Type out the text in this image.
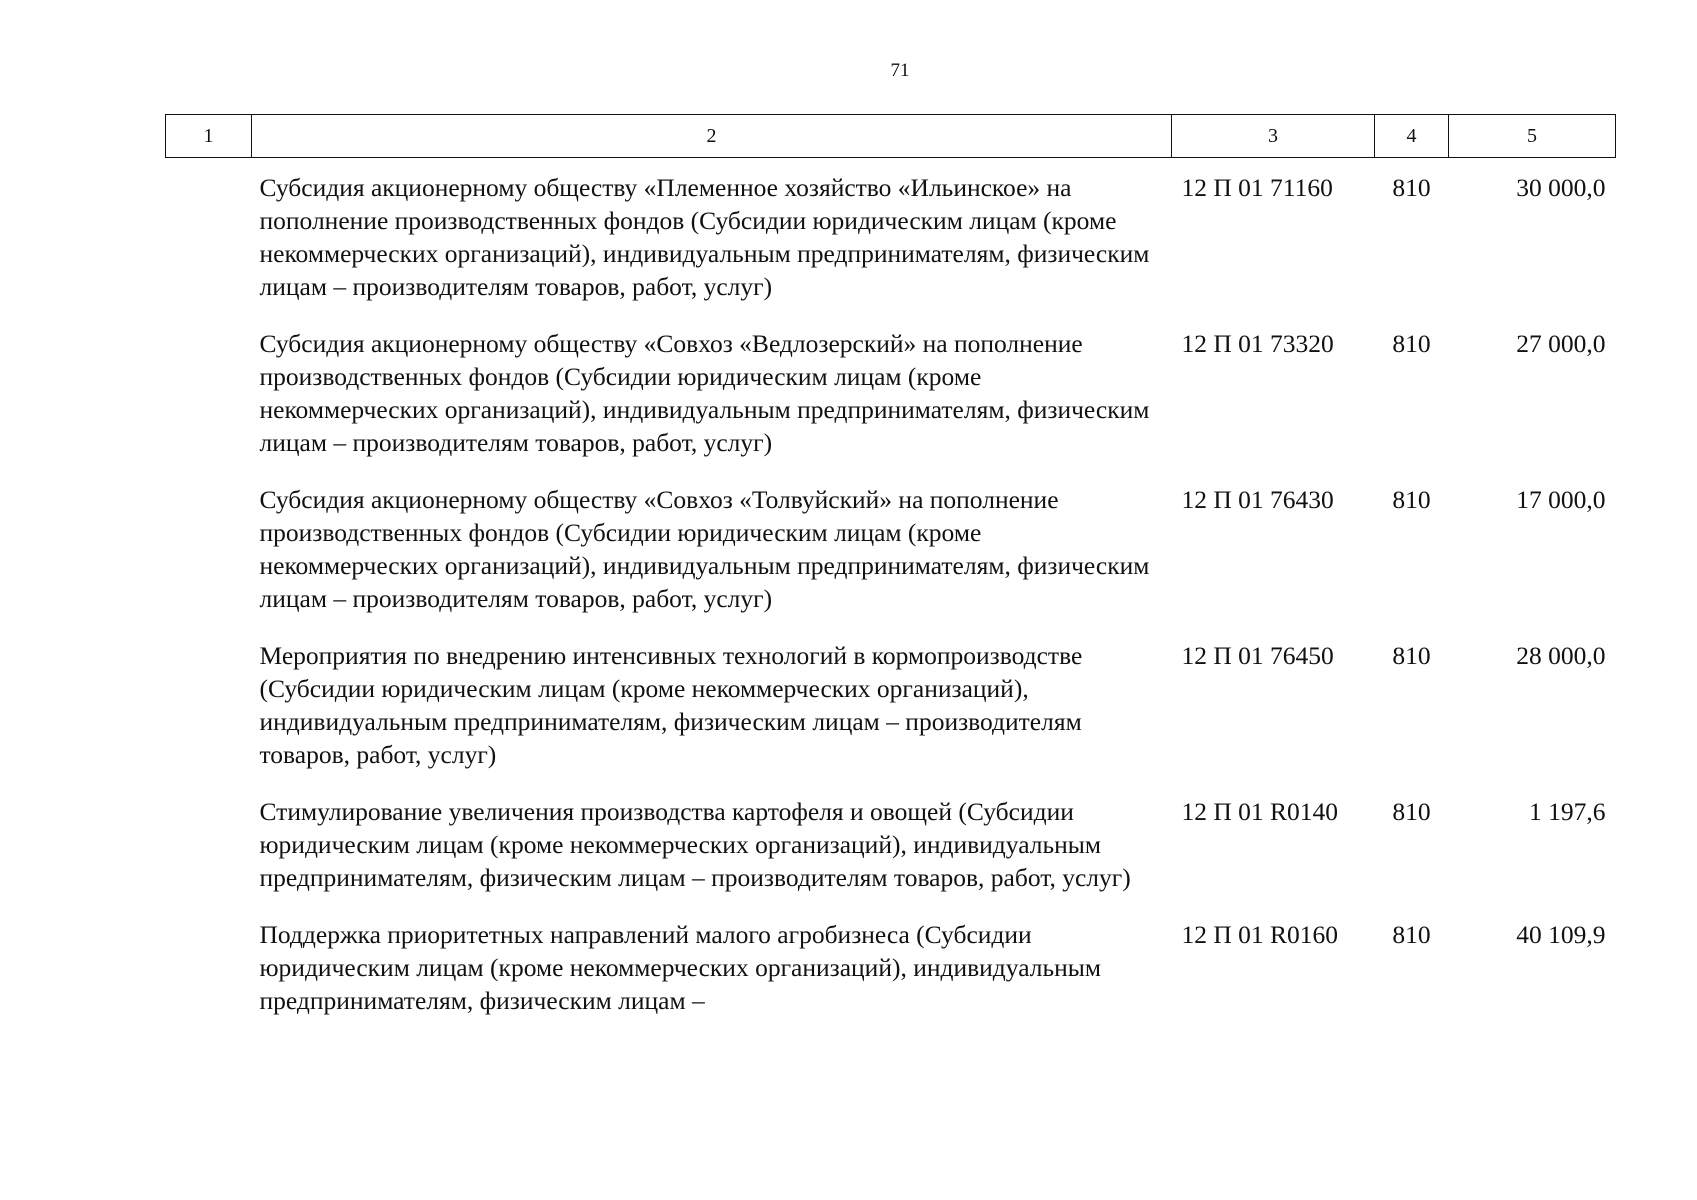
71
1	2	3	4	5
	Субсидия акционерному обществу «Племенное хозяйство «Ильинское» на пополнение производственных фондов (Субсидии юридическим лицам (кроме некоммерческих организаций), индивидуальным предпринимателям, физическим лицам – производителям товаров, работ, услуг)	12 П 01 71160	810	30 000,0
	Субсидия акционерному обществу «Совхоз «Ведлозерский» на пополнение производственных фондов (Субсидии юридическим лицам (кроме некоммерческих организаций), индивидуальным предпринимателям, физическим лицам – производителям товаров, работ, услуг)	12 П 01 73320	810	27 000,0
	Субсидия акционерному обществу «Совхоз «Толвуйский» на пополнение производственных фондов (Субсидии юридическим лицам (кроме некоммерческих организаций), индивидуальным предпринимателям, физическим лицам – производителям товаров, работ, услуг)	12 П 01 76430	810	17 000,0
	Мероприятия по внедрению интенсивных технологий в кормопроизводстве (Субсидии юридическим лицам (кроме некоммерческих организаций), индивидуальным предпринимателям, физическим лицам – производителям товаров, работ, услуг)	12 П 01 76450	810	28 000,0
	Стимулирование увеличения производства картофеля и овощей (Субсидии юридическим лицам (кроме некоммерческих организаций), индивидуальным предпринимателям, физическим лицам – производителям товаров, работ, услуг)	12 П 01 R0140	810	1 197,6
	Поддержка приоритетных направлений малого агробизнеса (Субсидии юридическим лицам (кроме некоммерческих организаций), индивидуальным предпринимателям, физическим лицам –	12 П 01 R0160	810	40 109,9
